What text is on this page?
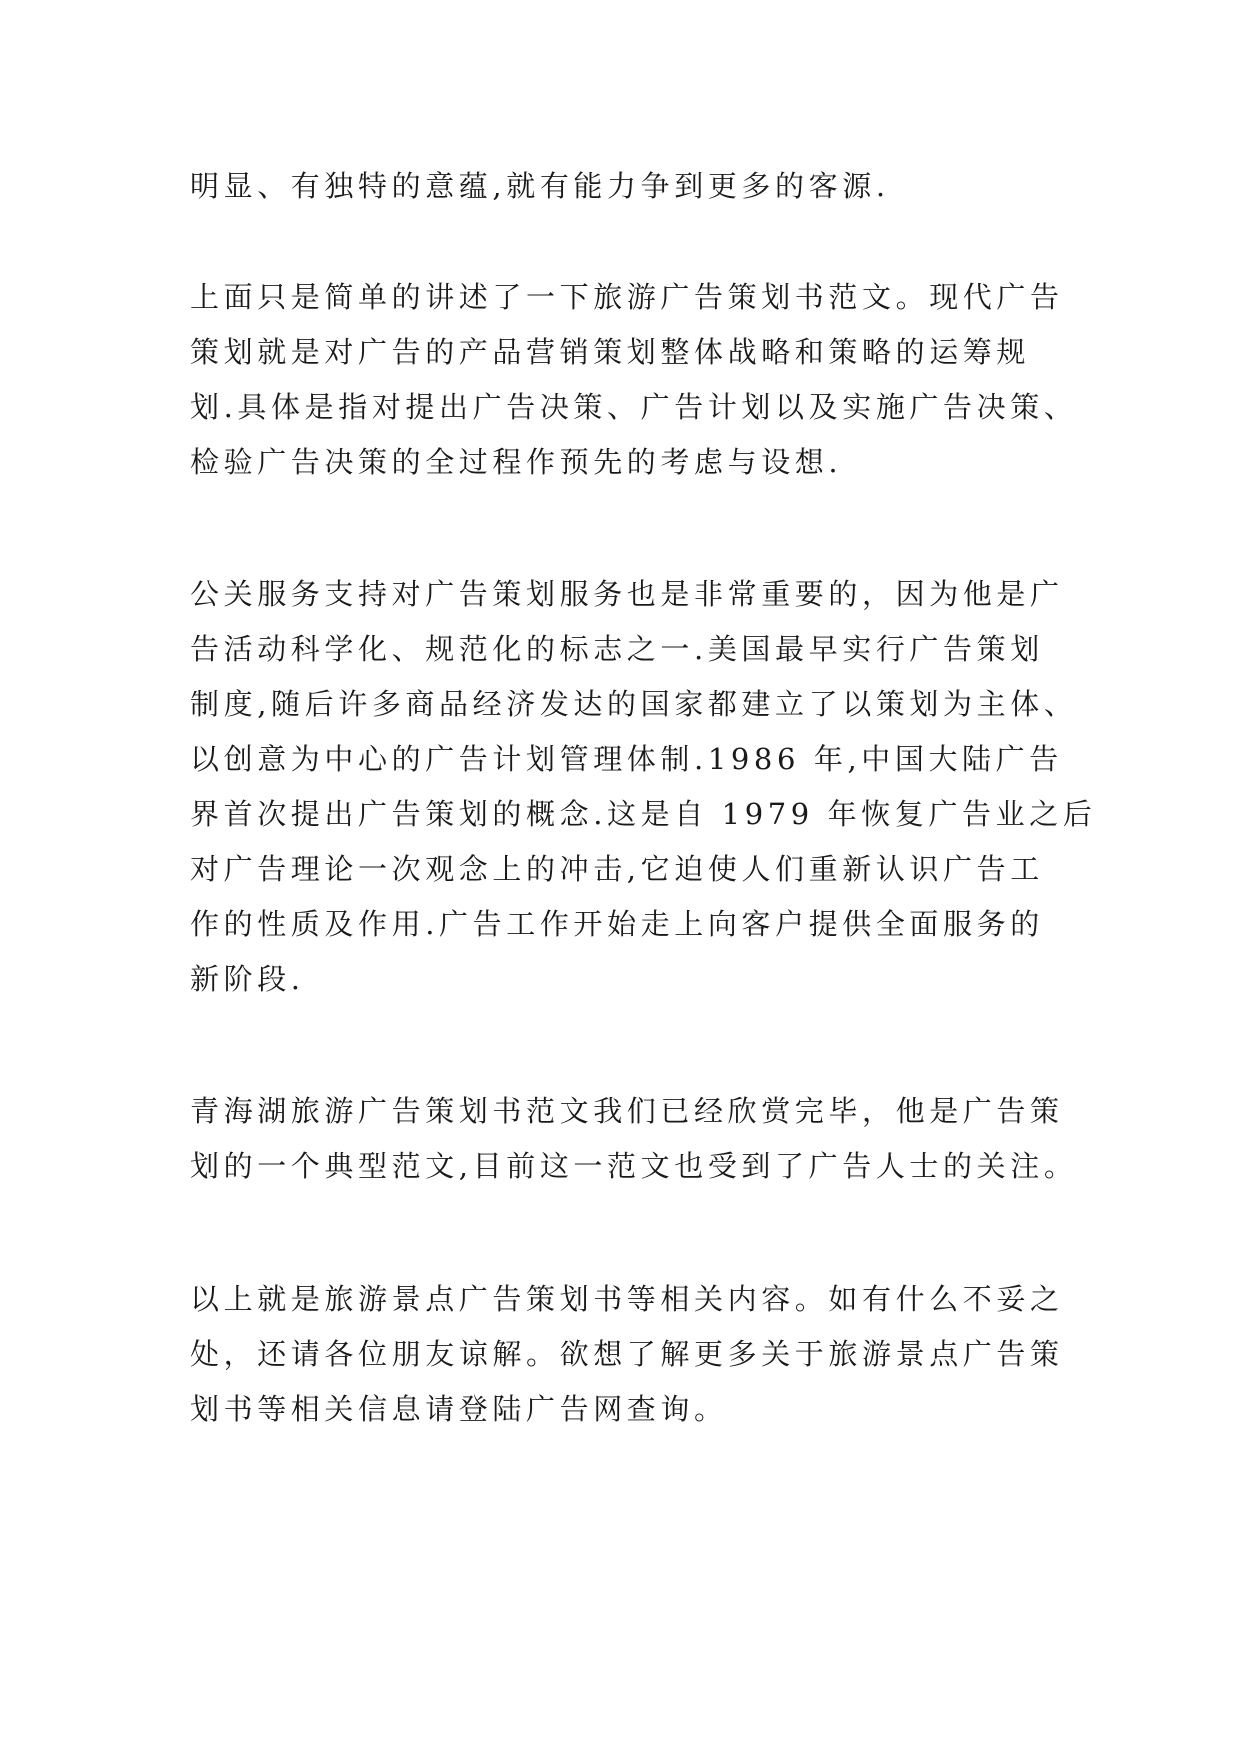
明显、有独特的意蕴,就有能力争到更多的客源.
上面只是简单的讲述了一下旅游广告策划书范文。现代广告
策划就是对广告的产品营销策划整体战略和策略的运筹规
划.具体是指对提出广告决策、广告计划以及实施广告决策、
检验广告决策的全过程作预先的考虑与设想.
公关服务支持对广告策划服务也是非常重要的，因为他是广
告活动科学化、规范化的标志之一.美国最早实行广告策划
制度,随后许多商品经济发达的国家都建立了以策划为主体、
以创意为中心的广告计划管理体制.1986 年,中国大陆广告
界首次提出广告策划的概念.这是自 1979 年恢复广告业之后
对广告理论一次观念上的冲击,它迫使人们重新认识广告工
作的性质及作用.广告工作开始走上向客户提供全面服务的
新阶段.
青海湖旅游广告策划书范文我们已经欣赏完毕，他是广告策
划的一个典型范文,目前这一范文也受到了广告人士的关注。
以上就是旅游景点广告策划书等相关内容。如有什么不妥之
处，还请各位朋友谅解。欲想了解更多关于旅游景点广告策
划书等相关信息请登陆广告网查询。
